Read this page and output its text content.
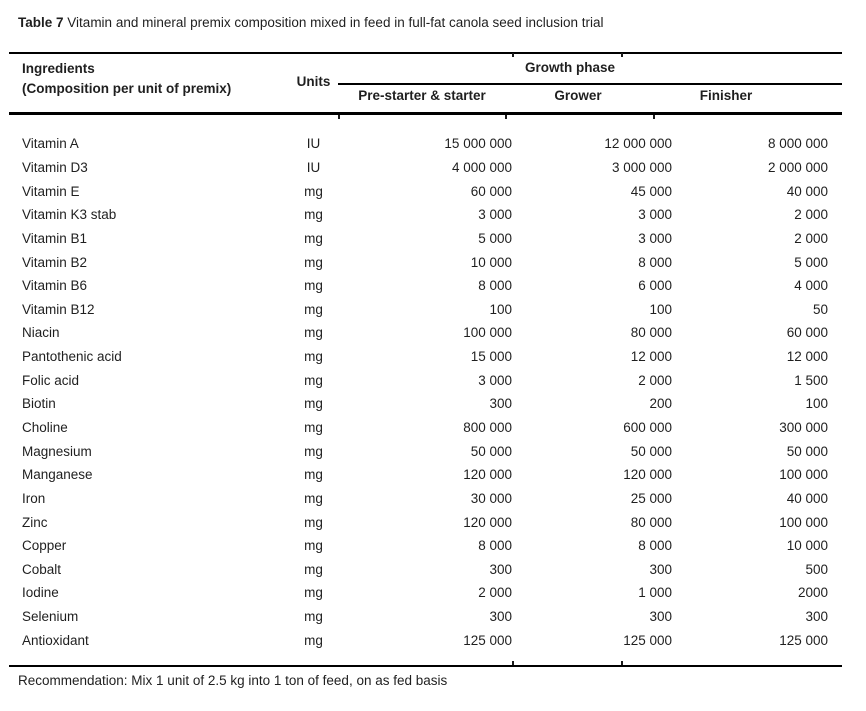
Table 7 Vitamin and mineral premix composition mixed in feed in full-fat canola seed inclusion trial
Ingredients
(Composition per unit of premix)	Units
Growth phase
Pre-starter & starter	Grower	Finisher
Vitamin A	IU	15 000 000	12 000 000	8 000 000
Vitamin D3	IU	4 000 000	3 000 000	2 000 000
Vitamin E	mg	60 000	45 000	40 000
Vitamin K3 stab	mg	3 000	3 000	2 000
Vitamin B1	mg	5 000	3 000	2 000
Vitamin B2	mg	10 000	8 000	5 000
Vitamin B6	mg	8 000	6 000	4 000
Vitamin B12	mg	100	100	50
Niacin	mg	100 000	80 000	60 000
Pantothenic acid	mg	15 000	12 000	12 000
Folic acid	mg	3 000	2 000	1 500
Biotin	mg	300	200	100
Choline	mg	800 000	600 000	300 000
Magnesium	mg	50 000	50 000	50 000
Manganese	mg	120 000	120 000	100 000
Iron	mg	30 000	25 000	40 000
Zinc	mg	120 000	80 000	100 000
Copper	mg	8 000	8 000	10 000
Cobalt	mg	300	300	500
Iodine	mg	2 000	1 000	2000
Selenium	mg	300	300	300
Antioxidant	mg	125 000	125 000	125 000
Recommendation: Mix 1 unit of 2.5 kg into 1 ton of feed, on as fed basis
